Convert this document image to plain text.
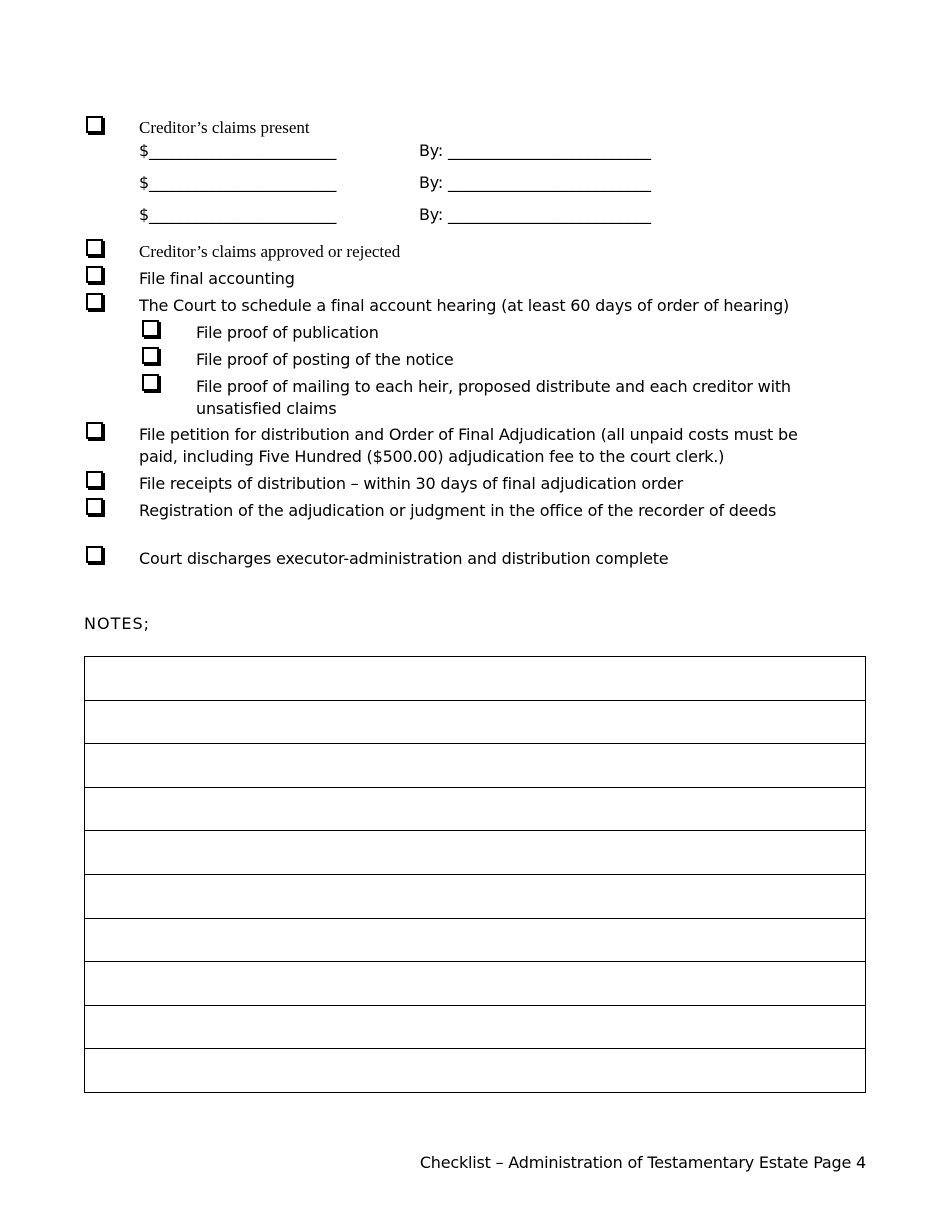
Creditor’s claims present
$________________________	By: __________________________
$________________________	By: __________________________
$________________________	By: __________________________
Creditor’s claims approved or rejected
File final accounting
The Court to schedule a final account hearing (at least 60 days of order of hearing)
File proof of publication
File proof of posting of the notice
File proof of mailing to each heir, proposed distribute and each creditor with unsatisfied claims
File petition for distribution and Order of Final Adjudication (all unpaid costs must be paid, including Five Hundred ($500.00) adjudication fee to the court clerk.)
File receipts of distribution – within 30 days of final adjudication order
Registration of the adjudication or judgment in the office of the recorder of deeds
Court discharges executor-administration and distribution complete
NOTES;

Checklist – Administration of Testamentary Estate Page 4
